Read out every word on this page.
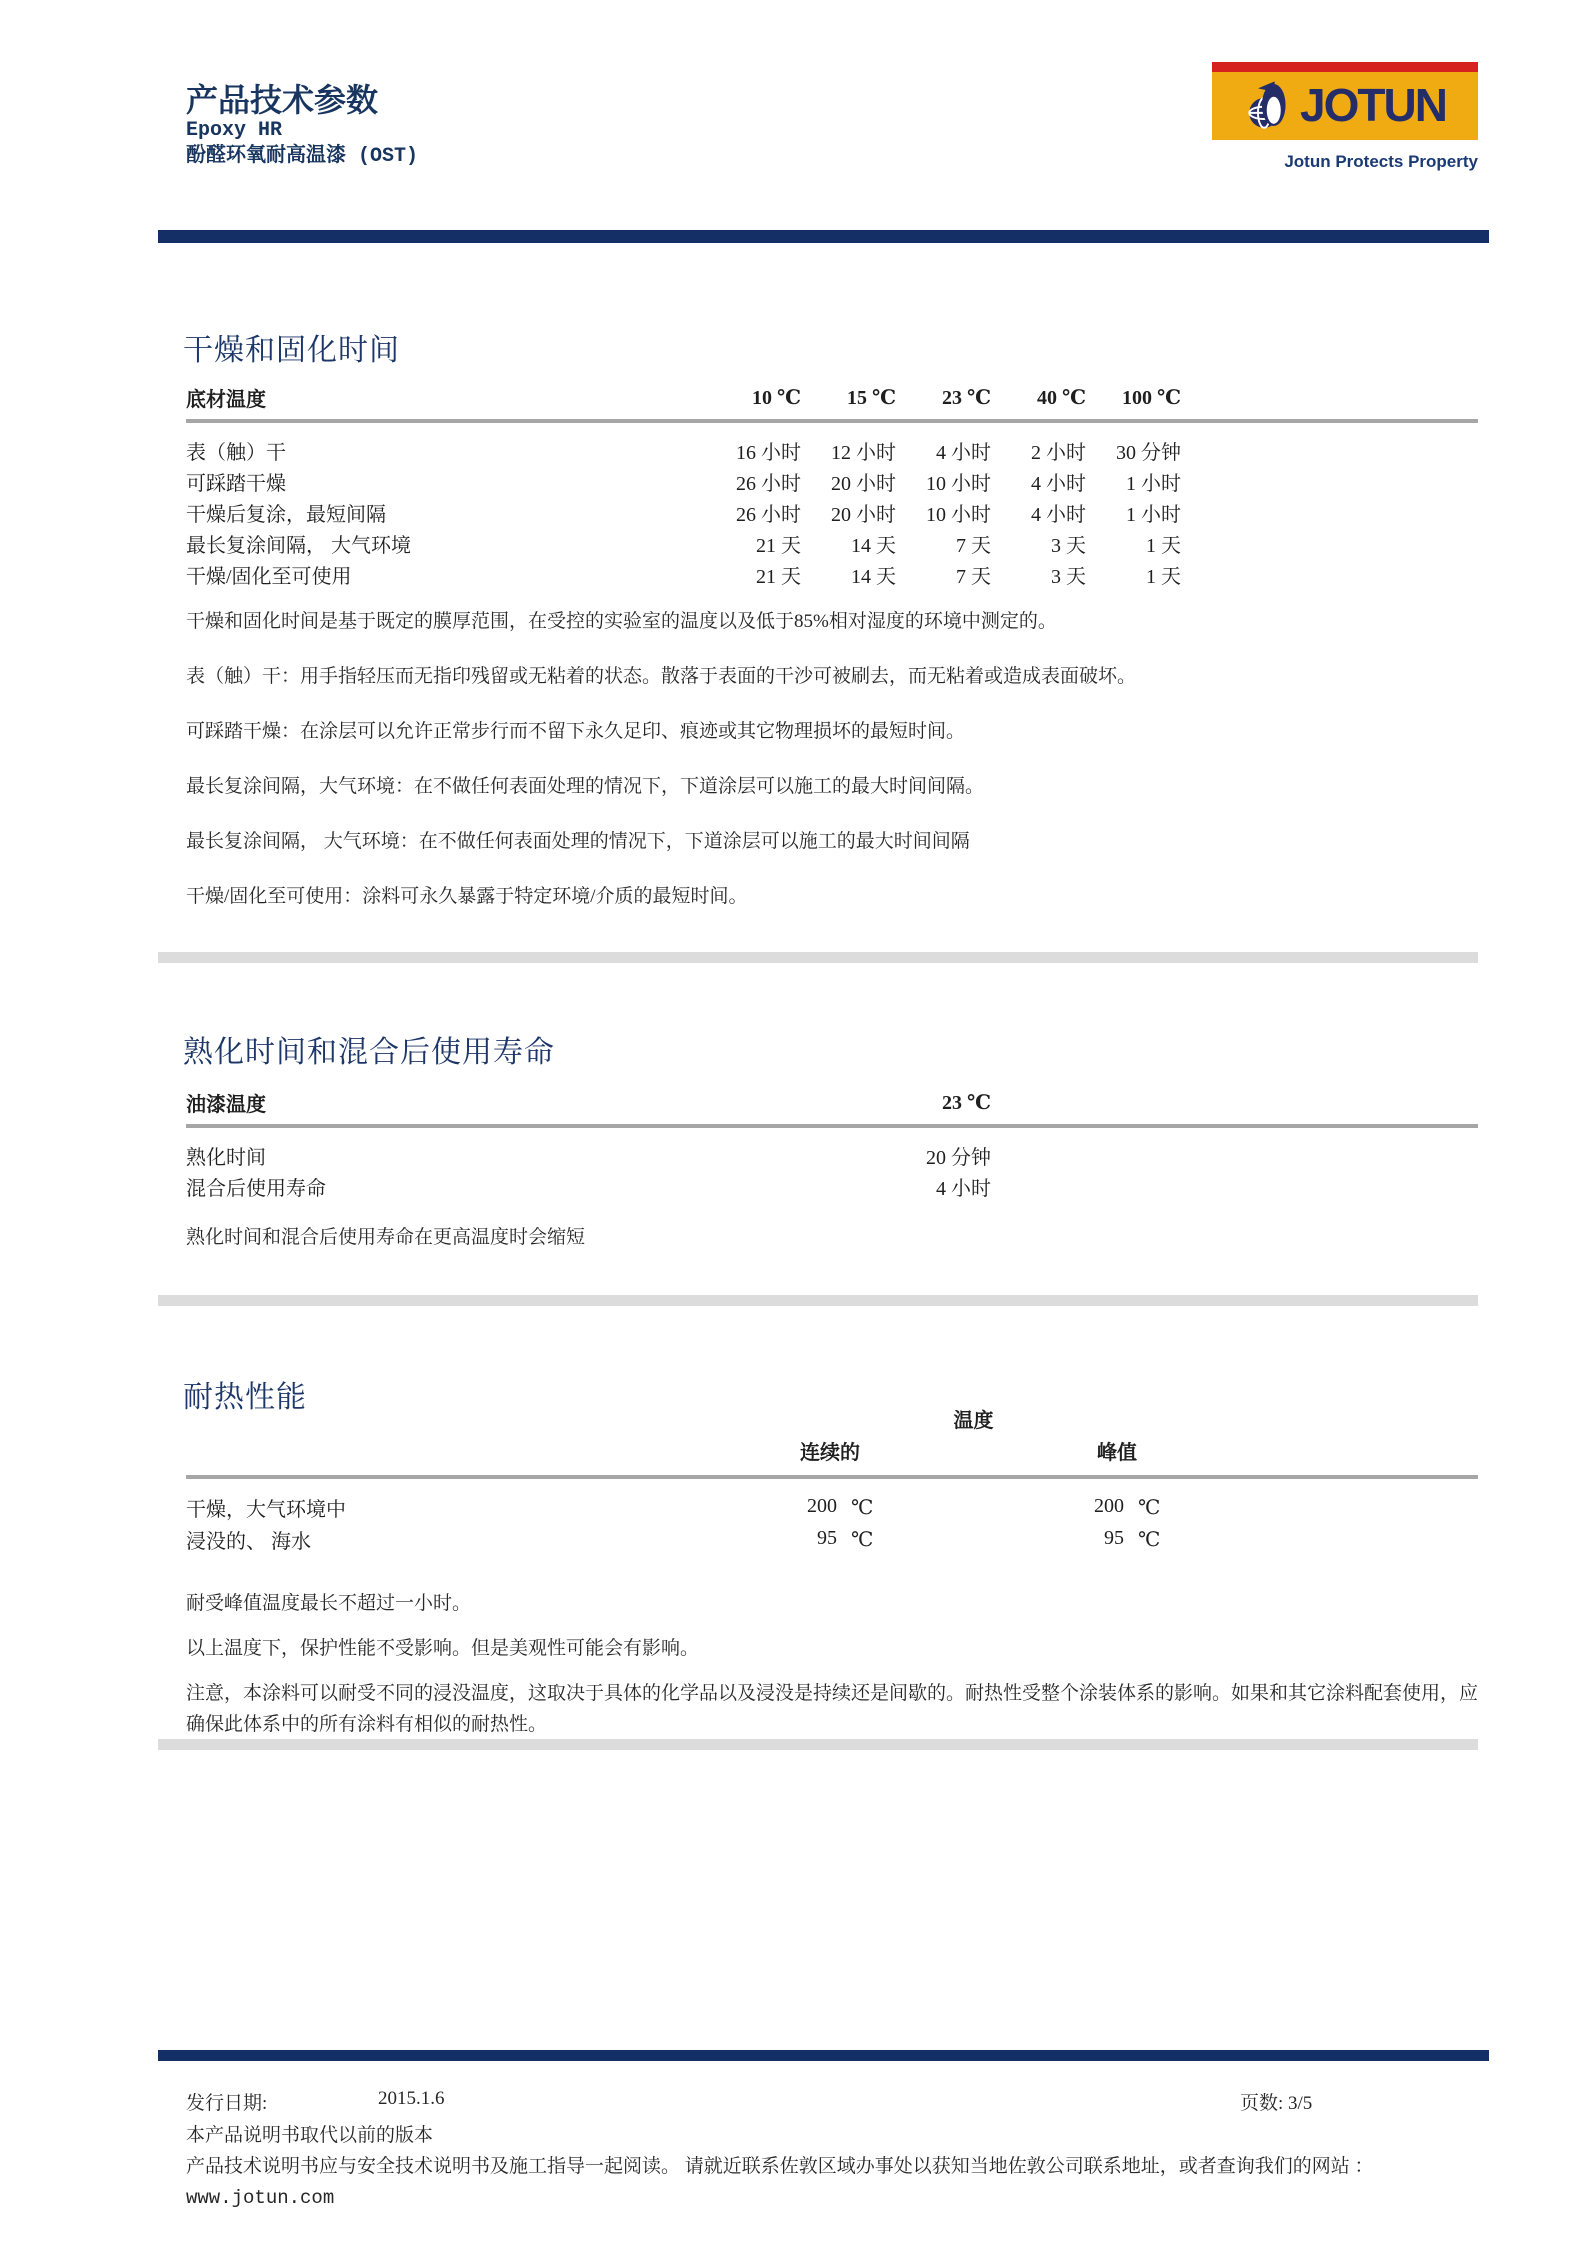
产品技术参数
Epoxy HR
酚醛环氧耐高温漆 (OST)
JOTUN
Jotun Protects Property
干燥和固化时间
底材温度	10 ℃	15 ℃	23 ℃	40 ℃	100 ℃
表（触）干	16 小时	12 小时	4 小时	2 小时	30 分钟
可踩踏干燥	26 小时	20 小时	10 小时	4 小时	1 小时
干燥后复涂，最短间隔	26 小时	20 小时	10 小时	4 小时	1 小时
最长复涂间隔， 大气环境	21 天	14 天	7 天	3 天	1 天
干燥/固化至可使用	21 天	14 天	7 天	3 天	1 天

干燥和固化时间是基于既定的膜厚范围，在受控的实验室的温度以及低于85%相对湿度的环境中测定的。

表（触）干：用手指轻压而无指印残留或无粘着的状态。散落于表面的干沙可被刷去，而无粘着或造成表面破坏。

可踩踏干燥：在涂层可以允许正常步行而不留下永久足印、痕迹或其它物理损坏的最短时间。

最长复涂间隔，大气环境：在不做任何表面处理的情况下，下道涂层可以施工的最大时间间隔。

最长复涂间隔， 大气环境：在不做任何表面处理的情况下，下道涂层可以施工的最大时间间隔

干燥/固化至可使用：涂料可永久暴露于特定环境/介质的最短时间。

熟化时间和混合后使用寿命
油漆温度	23 ℃
熟化时间	20 分钟
混合后使用寿命	4 小时
熟化时间和混合后使用寿命在更高温度时会缩短
耐热性能
温度
连续的	峰值
干燥，大气环境中	200 ℃	200 ℃
浸没的、 海水	95 ℃	95 ℃

耐受峰值温度最长不超过一小时。

以上温度下，保护性能不受影响。但是美观性可能会有影响。

注意，本涂料可以耐受不同的浸没温度，这取决于具体的化学品以及浸没是持续还是间歇的。耐热性受整个涂装体系的影响。如果和其它涂料配套使用，应确保此体系中的所有涂料有相似的耐热性。

发行日期:	2015.1.6	页数: 3/5

本产品说明书取代以前的版本

产品技术说明书应与安全技术说明书及施工指导一起阅读。 请就近联系佐敦区域办事处以获知当地佐敦公司联系地址，或者查询我们的网站 ：

www.jotun.com
